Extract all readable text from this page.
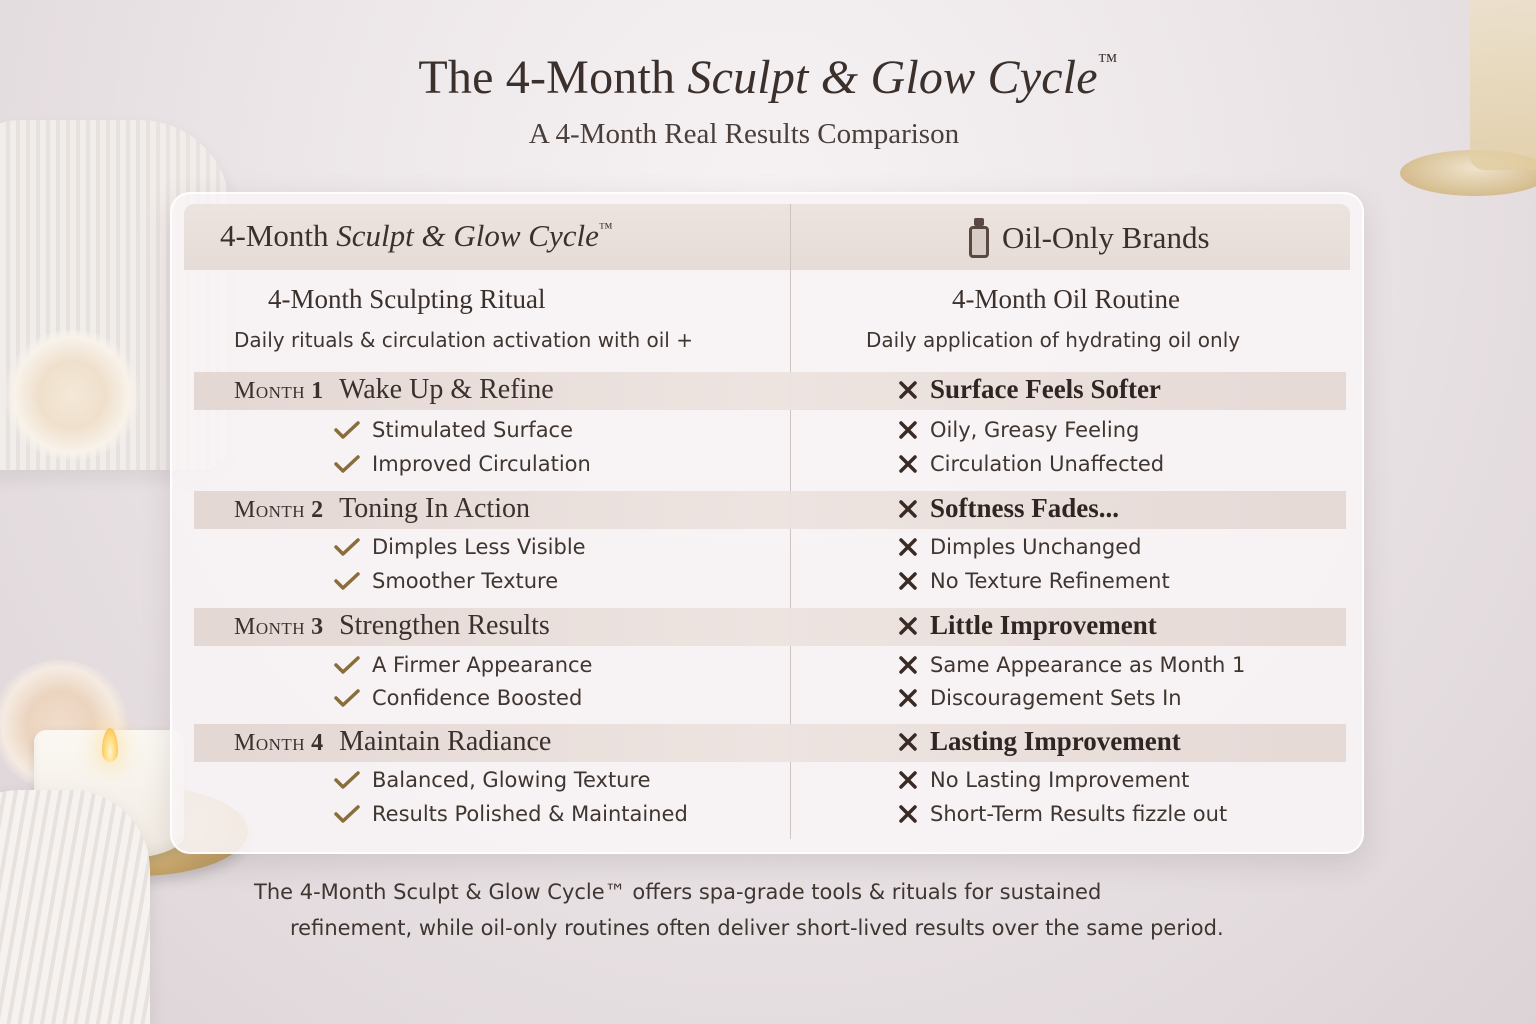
The 4-Month Sculpt & Glow Cycle™
A 4-Month Real Results Comparison
4-Month Sculpt & Glow Cycle™	Oil-Only Brands
4-Month Sculpting Ritual
Daily rituals & circulation activation with oil +
4-Month Oil Routine
Daily application of hydrating oil only
Month 1 Wake Up & Refine
Stimulated Surface
Improved Circulation
Month 2 Toning In Action
Dimples Less Visible
Smoother Texture
Month 3 Strengthen Results
A Firmer Appearance
Confidence Boosted
Month 4 Maintain Radiance
Balanced, Glowing Texture
Results Polished & Maintained
Surface Feels Softer
Oily, Greasy Feeling
Circulation Unaffected
Softness Fades...
Dimples Unchanged
No Texture Refinement
Little Improvement
Same Appearance as Month 1
Discouragement Sets In
Lasting Improvement
No Lasting Improvement
Short-Term Results fizzle out
The 4-Month Sculpt & Glow Cycle™ offers spa-grade tools & rituals for sustained
refinement, while oil-only routines often deliver short-lived results over the same period.
